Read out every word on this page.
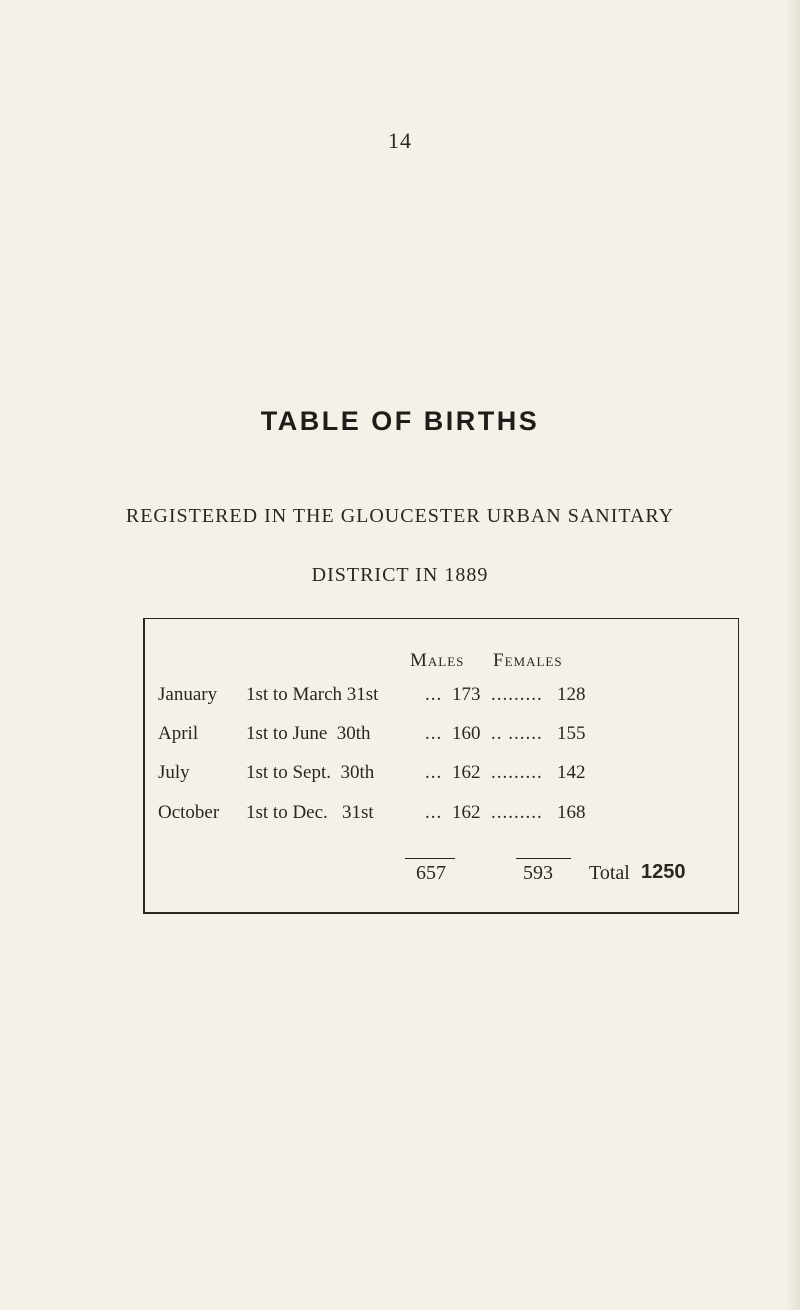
14
TABLE OF BIRTHS
REGISTERED IN THE GLOUCESTER URBAN SANITARY
DISTRICT IN 1889
Males Females
January 1st to March 31st ... 173 ......... 128
April	1st to June  30th	... 160 .. ...... 155
July	1st to Sept.  30th	... 162 ......... 142
October 1st to Dec.   31st	... 162 ......... 168
657	593 Total 1250
